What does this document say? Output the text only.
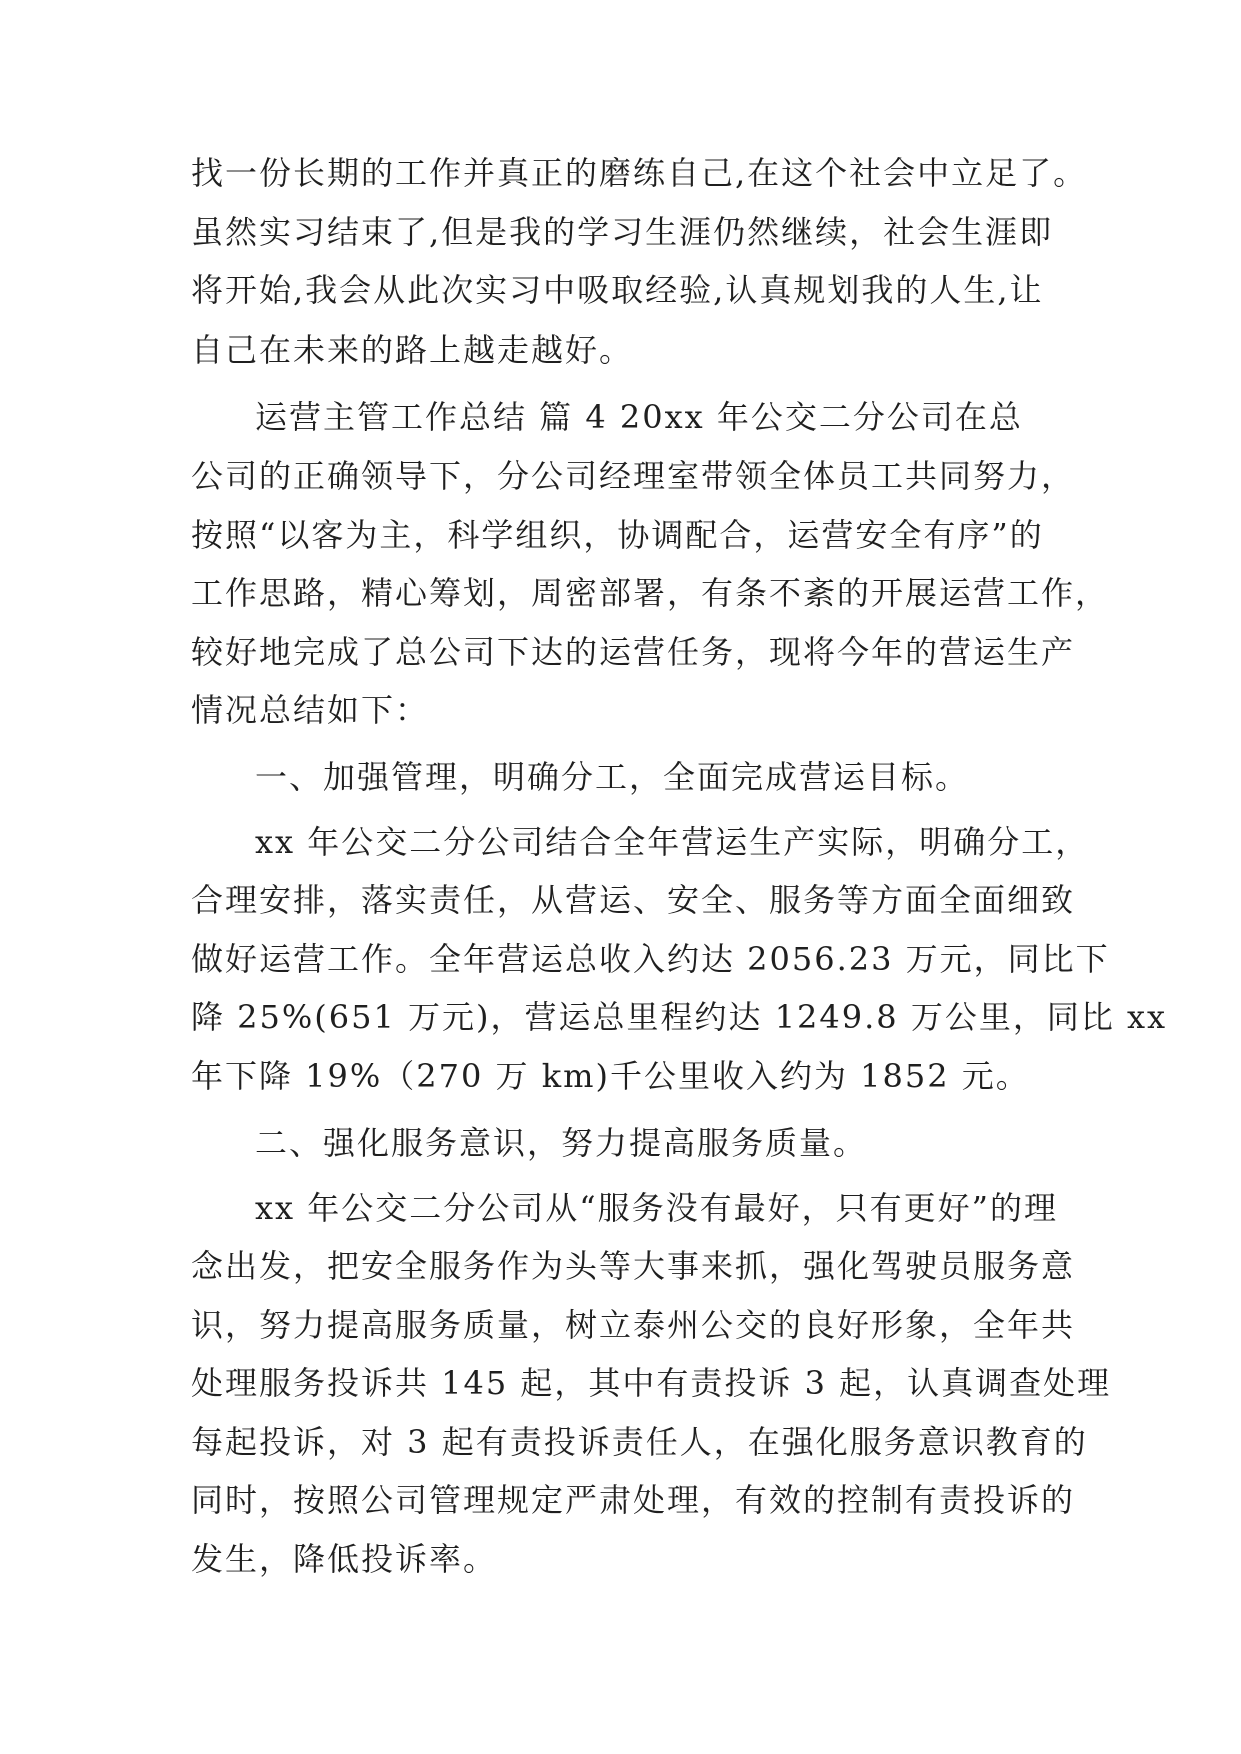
找一份长期的工作并真正的磨练自己,在这个社会中立足了。
虽然实习结束了,但是我的学习生涯仍然继续，社会生涯即
将开始,我会从此次实习中吸取经验,认真规划我的人生,让
自己在未来的路上越走越好。
运营主管工作总结 篇 4 20xx 年公交二分公司在总
公司的正确领导下，分公司经理室带领全体员工共同努力，
按照“以客为主，科学组织，协调配合，运营安全有序”的
工作思路，精心筹划，周密部署，有条不紊的开展运营工作，
较好地完成了总公司下达的运营任务，现将今年的营运生产
情况总结如下：
一、加强管理，明确分工，全面完成营运目标。
xx 年公交二分公司结合全年营运生产实际，明确分工，
合理安排，落实责任，从营运、安全、服务等方面全面细致
做好运营工作。全年营运总收入约达 2056.23 万元，同比下
降 25%(651 万元)，营运总里程约达 1249.8 万公里，同比 xx
年下降 19%（270 万 km)千公里收入约为 1852 元。
二、强化服务意识，努力提高服务质量。
xx 年公交二分公司从“服务没有最好，只有更好”的理
念出发，把安全服务作为头等大事来抓，强化驾驶员服务意
识，努力提高服务质量，树立泰州公交的良好形象，全年共
处理服务投诉共 145 起，其中有责投诉 3 起，认真调查处理
每起投诉，对 3 起有责投诉责任人，在强化服务意识教育的
同时，按照公司管理规定严肃处理，有效的控制有责投诉的
发生，降低投诉率。
